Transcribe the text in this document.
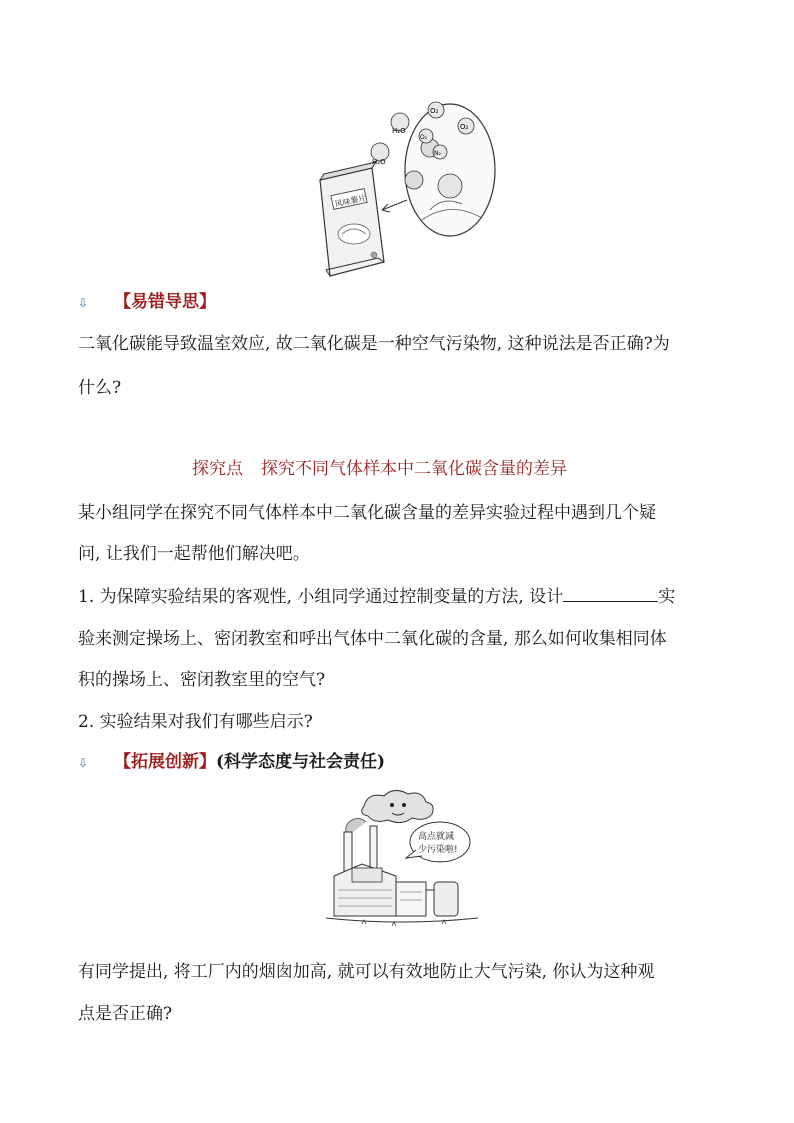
风味薯片
O₂
O₂
O₂
N₂
H₂O
H₂O
⇩ 【易错导思】
二氧化碳能导致温室效应, 故二氧化碳是一种空气污染物, 这种说法是否正确?为
什么?
探究点 探究不同气体样本中二氧化碳含量的差异
某小组同学在探究不同气体样本中二氧化碳含量的差异实验过程中遇到几个疑
问, 让我们一起帮他们解决吧。
1. 为保障实验结果的客观性, 小组同学通过控制变量的方法, 设计	实
验来测定操场上、密闭教室和呼出气体中二氧化碳的含量, 那么如何收集相同体
积的操场上、密闭教室里的空气?
2. 实验结果对我们有哪些启示?
⇩ 【拓展创新】(科学态度与社会责任)
高点就减
少污染啦!
有同学提出, 将工厂内的烟囱加高, 就可以有效地防止大气污染, 你认为这种观
点是否正确?
